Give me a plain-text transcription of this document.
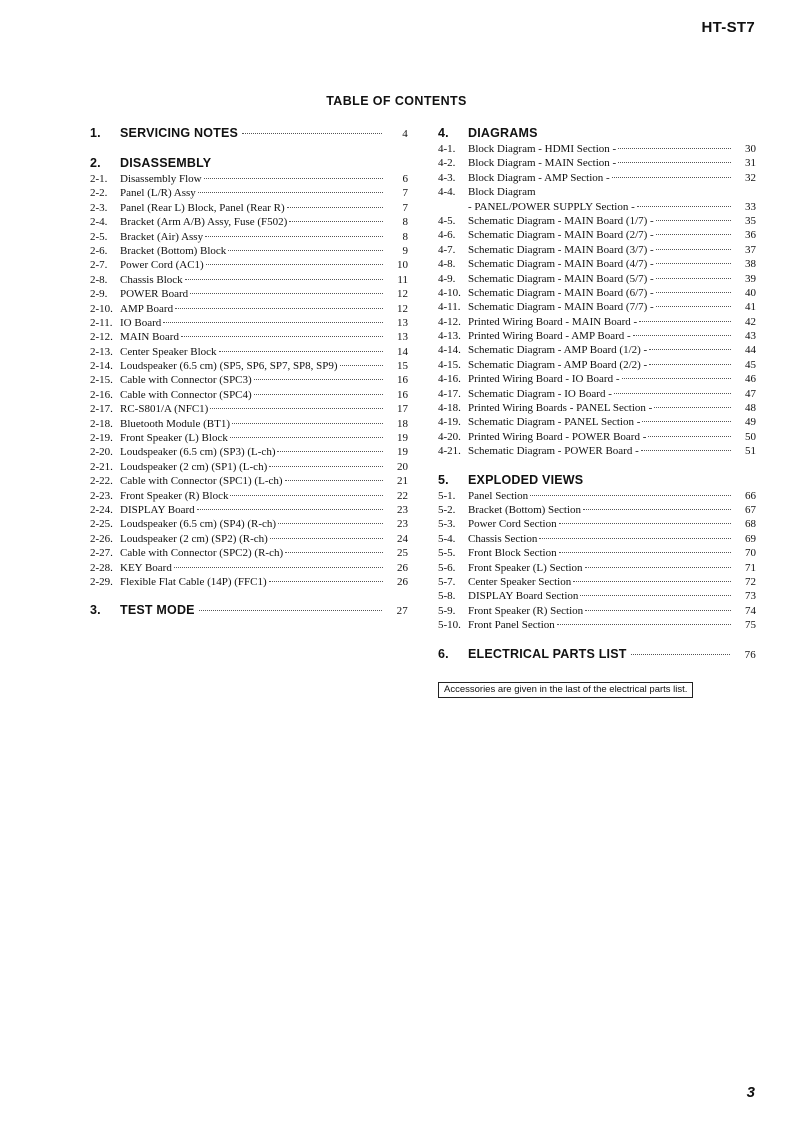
HT-ST7
TABLE OF CONTENTS
1.	SERVICING NOTES	4
2.	DISASSEMBLY
2-1.	Disassembly Flow	6
2-2.	Panel (L/R) Assy	7
2-3.	Panel (Rear L) Block, Panel (Rear R)	7
2-4.	Bracket (Arm A/B) Assy, Fuse (F502)	8
2-5.	Bracket (Air) Assy	8
2-6.	Bracket (Bottom) Block	9
2-7.	Power Cord (AC1)	10
2-8.	Chassis Block	11
2-9.	POWER Board	12
2-10. AMP Board	12
2-11. IO Board	13
2-12. MAIN Board	13
2-13. Center Speaker Block	14
2-14. Loudspeaker (6.5 cm) (SP5, SP6, SP7, SP8, SP9)	15
2-15. Cable with Connector (SPC3)	16
2-16. Cable with Connector (SPC4)	16
2-17. RC-S801/A (NFC1)	17
2-18. Bluetooth Module (BT1)	18
2-19. Front Speaker (L) Block	19
2-20. Loudspeaker (6.5 cm) (SP3) (L-ch)	19
2-21. Loudspeaker (2 cm) (SP1) (L-ch)	20
2-22. Cable with Connector (SPC1) (L-ch)	21
2-23. Front Speaker (R) Block	22
2-24. DISPLAY Board	23
2-25. Loudspeaker (6.5 cm) (SP4) (R-ch)	23
2-26. Loudspeaker (2 cm) (SP2) (R-ch)	24
2-27. Cable with Connector (SPC2) (R-ch)	25
2-28. KEY Board	26
2-29. Flexible Flat Cable (14P) (FFC1)	26
3.	TEST MODE	27
4.	DIAGRAMS
4-1.	Block Diagram - HDMI Section -	30
4-2.	Block Diagram - MAIN Section -	31
4-3.	Block Diagram - AMP Section -	32
4-4.	Block Diagram
- PANEL/POWER SUPPLY Section -	33
4-5.	Schematic Diagram - MAIN Board (1/7) -	35
4-6.	Schematic Diagram - MAIN Board (2/7) -	36
4-7.	Schematic Diagram - MAIN Board (3/7) -	37
4-8.	Schematic Diagram - MAIN Board (4/7) -	38
4-9.	Schematic Diagram - MAIN Board (5/7) -	39
4-10. Schematic Diagram - MAIN Board (6/7) -	40
4-11. Schematic Diagram - MAIN Board (7/7) -	41
4-12. Printed Wiring Board - MAIN Board -	42
4-13. Printed Wiring Board - AMP Board -	43
4-14. Schematic Diagram - AMP Board (1/2) -	44
4-15. Schematic Diagram - AMP Board (2/2) -	45
4-16. Printed Wiring Board - IO Board -	46
4-17. Schematic Diagram - IO Board -	47
4-18. Printed Wiring Boards - PANEL Section -	48
4-19. Schematic Diagram - PANEL Section -	49
4-20. Printed Wiring Board - POWER Board -	50
4-21. Schematic Diagram - POWER Board -	51
5.	EXPLODED VIEWS
5-1.	Panel Section	66
5-2.	Bracket (Bottom) Section	67
5-3.	Power Cord Section	68
5-4.	Chassis Section	69
5-5.	Front Block Section	70
5-6.	Front Speaker (L) Section	71
5-7.	Center Speaker Section	72
5-8.	DISPLAY Board Section	73
5-9.	Front Speaker (R) Section	74
5-10. Front Panel Section	75
6.	ELECTRICAL PARTS LIST	76
Accessories are given in the last of the electrical parts list.
3
